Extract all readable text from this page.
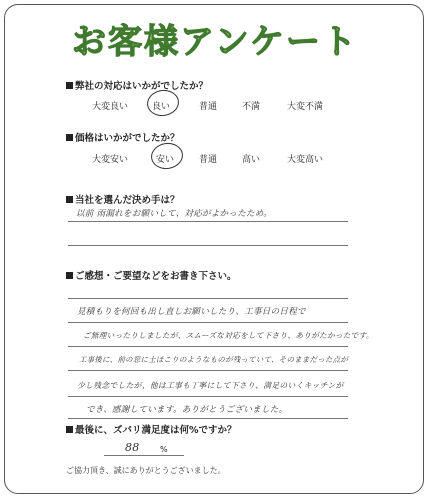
お客様アンケート
弊社の対応はいかがでしたか？
大変良い	良い	普通	不満	大変不満
価格はいかがでしたか？
大変安い	安い	普通	高い	大変高い
当社を選んだ決め手は？
以前 雨漏れをお願いして、対応がよかったため。
ご感想・ご要望などをお書き下さい。
見積もりを何回も出し直しお願いしたり、工事日の日程で
ご無理いったりしましたが、スムーズな対応をして下さり、ありがたかったです。
工事後に、前の窓に土ほこりのようなものが残っていて、そのままだった点が
少し残念でしたが、他は工事も丁寧にして下さり、満足のいくキッチンが
でき、感謝しています。ありがとうございました。
最後に、ズバリ満足度は何%ですか？
88	%
ご協力頂き、誠にありがとうございました。
